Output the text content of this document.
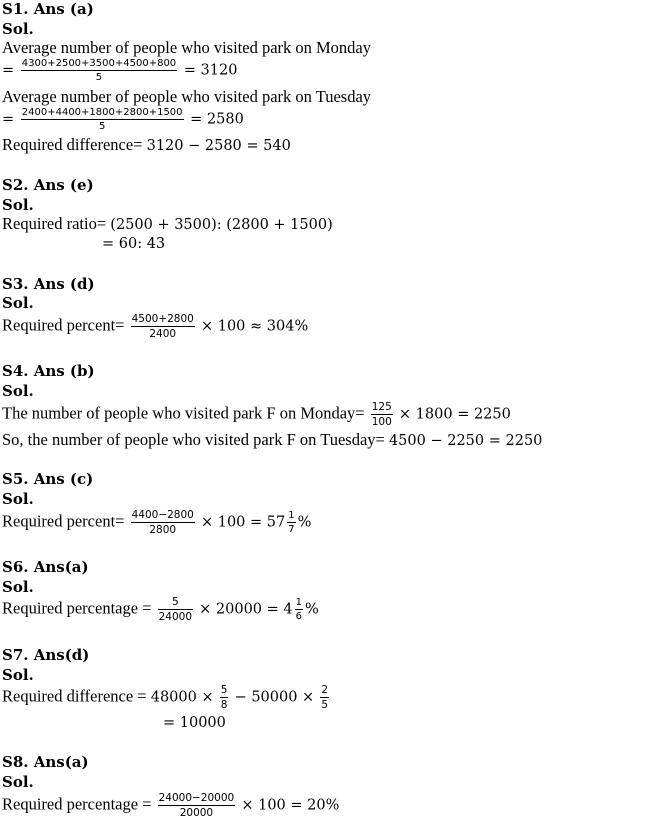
S1. Ans (a)
Sol.
Average number of people who visited park on Monday
= $\frac{4300+2500+3500+4500+800}{5} = 3120$
Average number of people who visited park on Tuesday
= $\frac{2400+4400+1800+2800+1500}{5} = 2580$
Required difference= 3120 − 2580 = 540
S2. Ans (e)
Sol.
Required ratio= (2500 + 3500): (2800 + 1500)
= 60: 43
S3. Ans (d)
Sol.
Required percent= $\frac{4500+2800}{2400} \times 100 \approx 304\%$
S4. Ans (b)
Sol.
The number of people who visited park F on Monday= $\frac{125}{100} \times 1800 = 2250$
So, the number of people who visited park F on Tuesday= 4500 − 2250 = 2250
S5. Ans (c)
Sol.
Required percent= $\frac{4400-2800}{2800} \times 100 = 57 \frac{1}{7}$ %
S6. Ans(a)
Sol.
Required percentage = $\frac{5}{24000} \times 20000 = 4 \frac{1}{6}$ %
S7. Ans(d)
Sol.
Required difference = $48000 \times \frac{5}{8} - 50000 \times \frac{2}{5}$
= 10000
S8. Ans(a)
Sol.
Required percentage = $\frac{24000-20000}{20000} \times 100 = 20\%$
